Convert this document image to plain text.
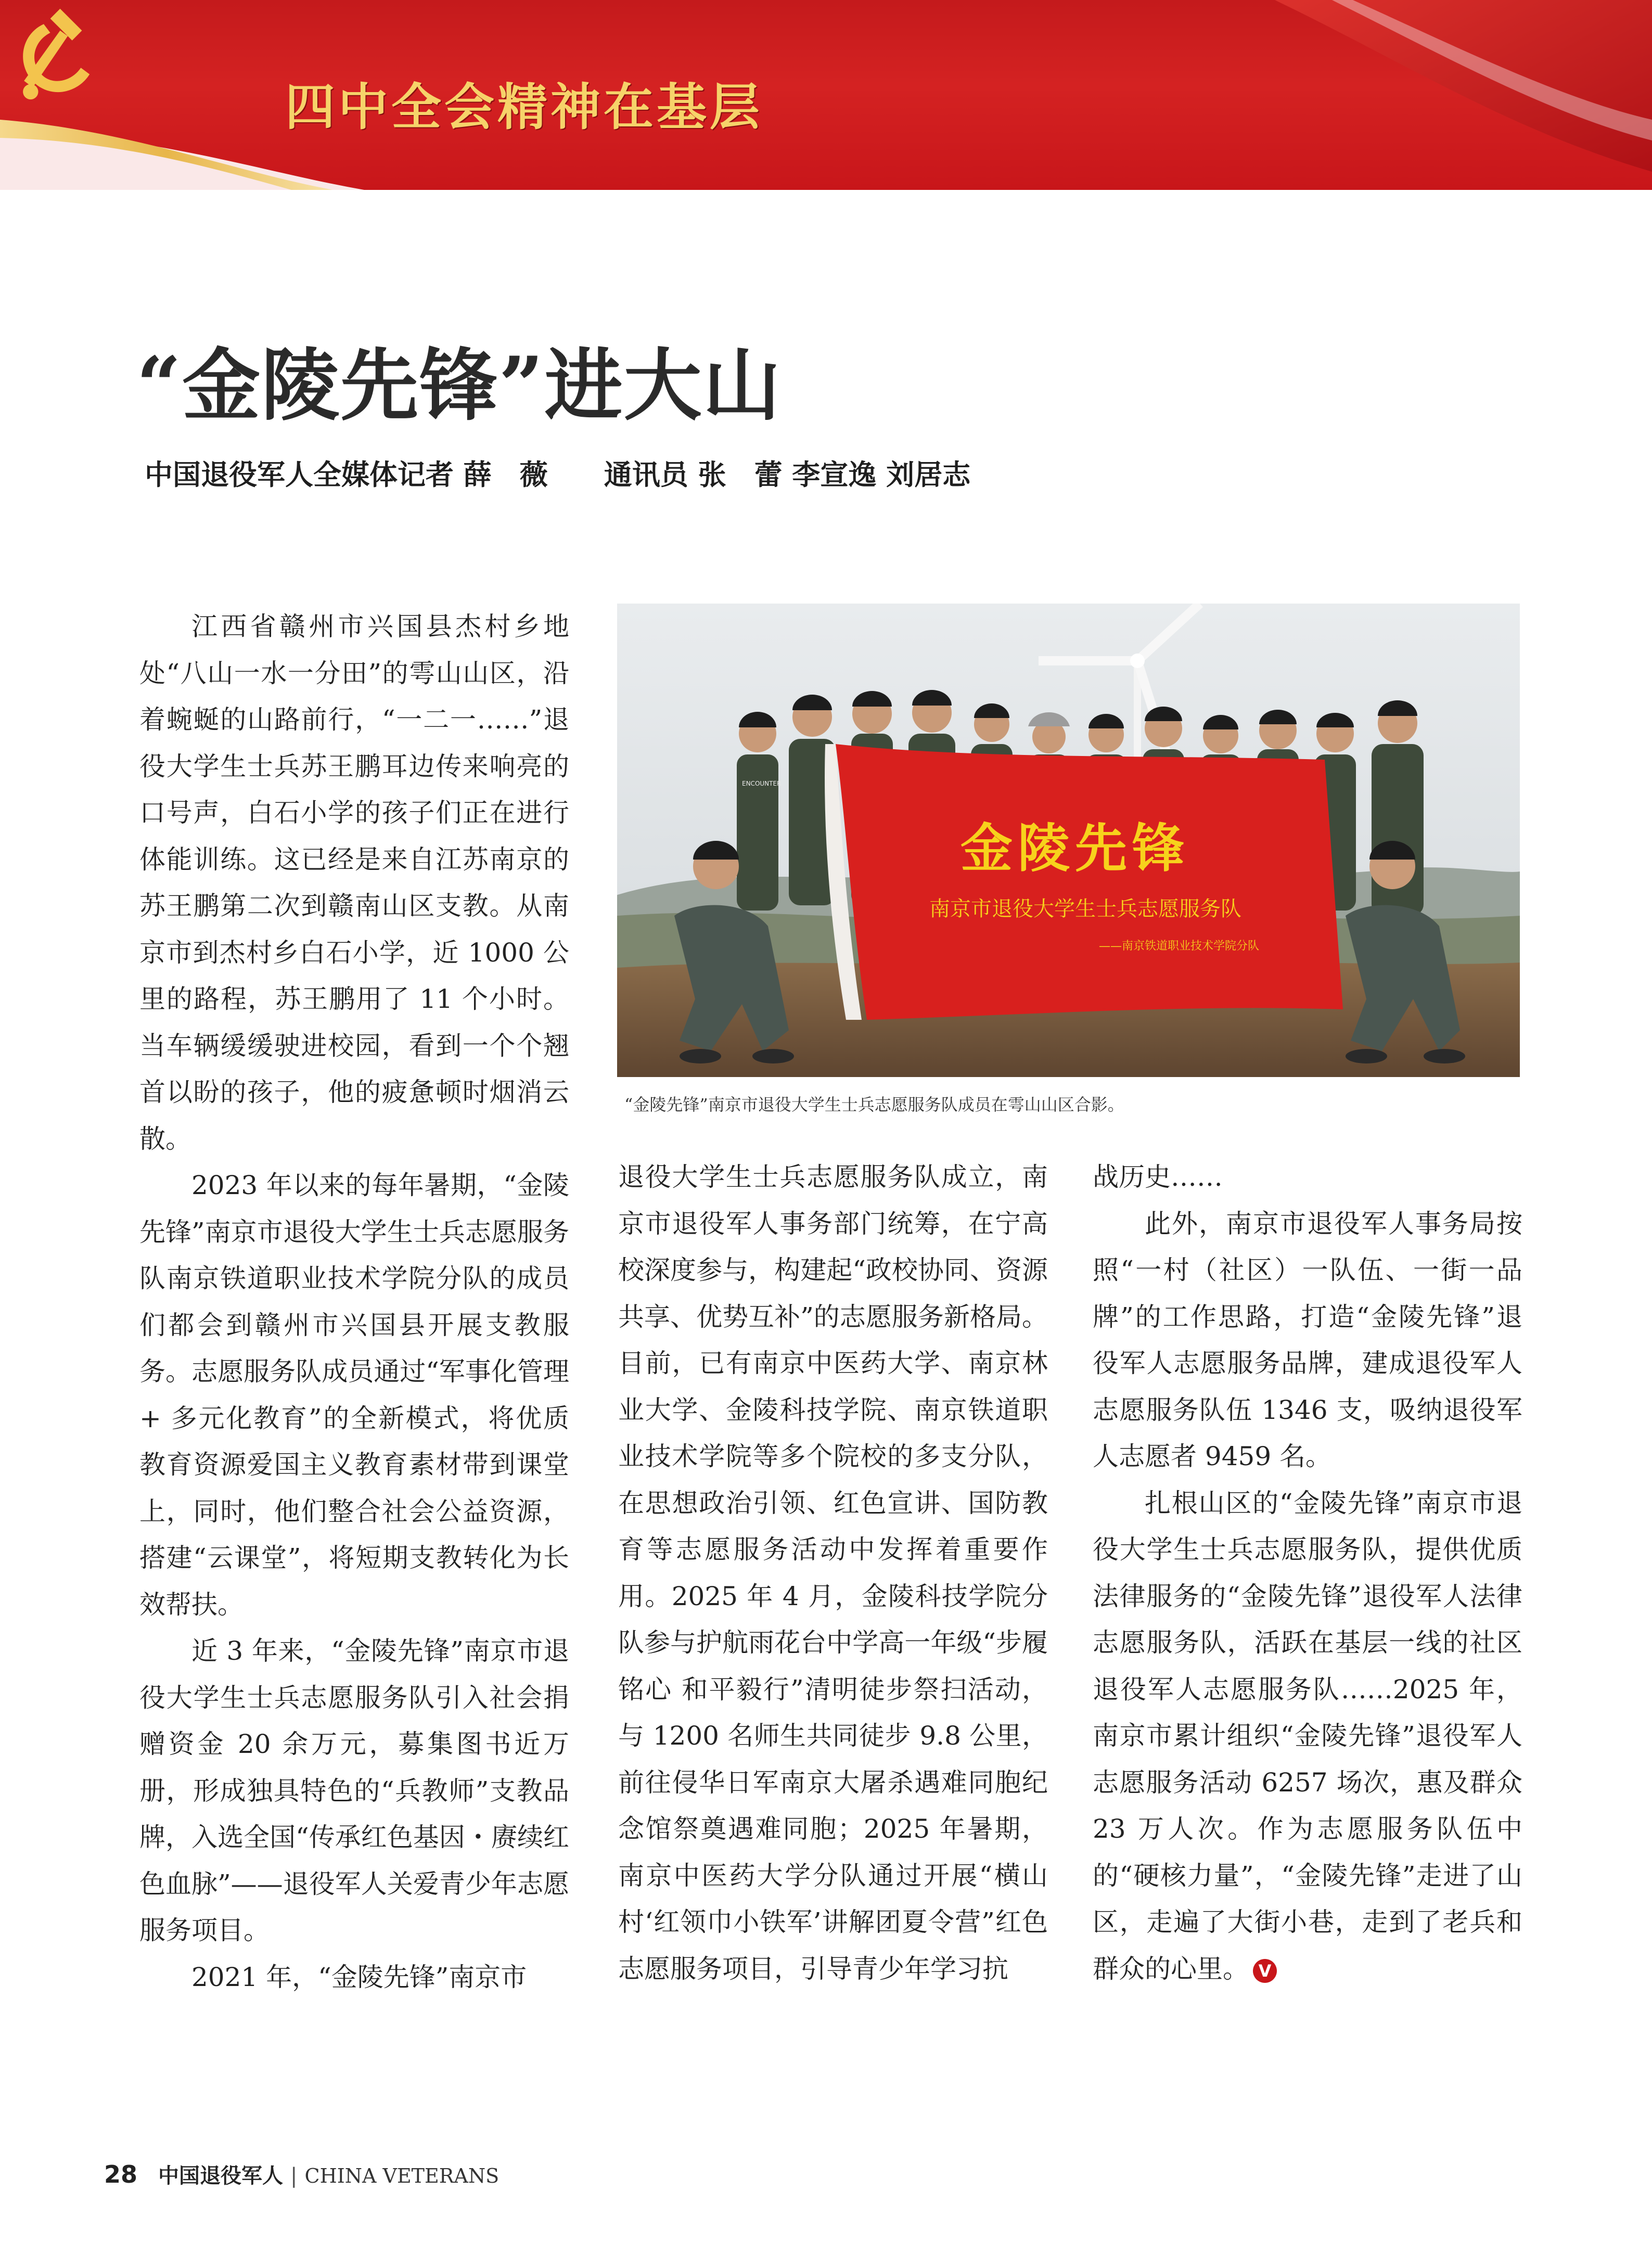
四中全会精神在基层
“金陵先锋”进大山
中国退役军人全媒体记者 薛　薇　　通讯员 张　蕾 李宣逸 刘居志

江西省赣州市兴国县杰村乡地处“八山一水一分田”的雩山山区，沿着蜿蜒的山路前行，“一二一……”退役大学生士兵苏王鹏耳边传来响亮的口号声，白石小学的孩子们正在进行体能训练。这已经是来自江苏南京的苏王鹏第二次到赣南山区支教。从南京市到杰村乡白石小学，近 1000 公里的路程，苏王鹏用了 11 个小时。当车辆缓缓驶进校园，看到一个个翘首以盼的孩子，他的疲惫顿时烟消云散。

2023 年以来的每年暑期，“金陵先锋”南京市退役大学生士兵志愿服务队南京铁道职业技术学院分队的成员们都会到赣州市兴国县开展支教服务。志愿服务队成员通过“军事化管理 + 多元化教育”的全新模式，将优质教育资源爱国主义教育素材带到课堂上，同时，他们整合社会公益资源，搭建“云课堂”，将短期支教转化为长效帮扶。

近 3 年来，“金陵先锋”南京市退役大学生士兵志愿服务队引入社会捐赠资金 20 余万元，募集图书近万册，形成独具特色的“兵教师”支教品牌，入选全国“传承红色基因・赓续红色血脉”——退役军人关爱青少年志愿服务项目。

2021 年，“金陵先锋”南京市

ENCOUNTER
金陵先锋
南京市退役大学生士兵志愿服务队
——南京铁道职业技术学院分队
“金陵先锋”南京市退役大学生士兵志愿服务队成员在雩山山区合影。

退役大学生士兵志愿服务队成立，南京市退役军人事务部门统筹，在宁高校深度参与，构建起“政校协同、资源共享、优势互补”的志愿服务新格局。目前，已有南京中医药大学、南京林业大学、金陵科技学院、南京铁道职业技术学院等多个院校的多支分队，在思想政治引领、红色宣讲、国防教育等志愿服务活动中发挥着重要作用。2025 年 4 月，金陵科技学院分队参与护航雨花台中学高一年级“步履铭心 和平毅行”清明徒步祭扫活动，与 1200 名师生共同徒步 9.8 公里，前往侵华日军南京大屠杀遇难同胞纪念馆祭奠遇难同胞；2025 年暑期，南京中医药大学分队通过开展“横山村‘红领巾小铁军’讲解团夏令营”红色志愿服务项目，引导青少年学习抗

战历史……

此外，南京市退役军人事务局按照“一村（社区）一队伍、一街一品牌”的工作思路，打造“金陵先锋”退役军人志愿服务品牌，建成退役军人志愿服务队伍 1346 支，吸纳退役军人志愿者 9459 名。

扎根山区的“金陵先锋”南京市退役大学生士兵志愿服务队，提供优质法律服务的“金陵先锋”退役军人法律志愿服务队，活跃在基层一线的社区退役军人志愿服务队……2025 年，南京市累计组织“金陵先锋”退役军人志愿服务活动 6257 场次，惠及群众 23 万人次。作为志愿服务队伍中的“硬核力量”，“金陵先锋”走进了山区，走遍了大街小巷，走到了老兵和群众的心里。 V

28 中国退役军人 | CHINA VETERANS
